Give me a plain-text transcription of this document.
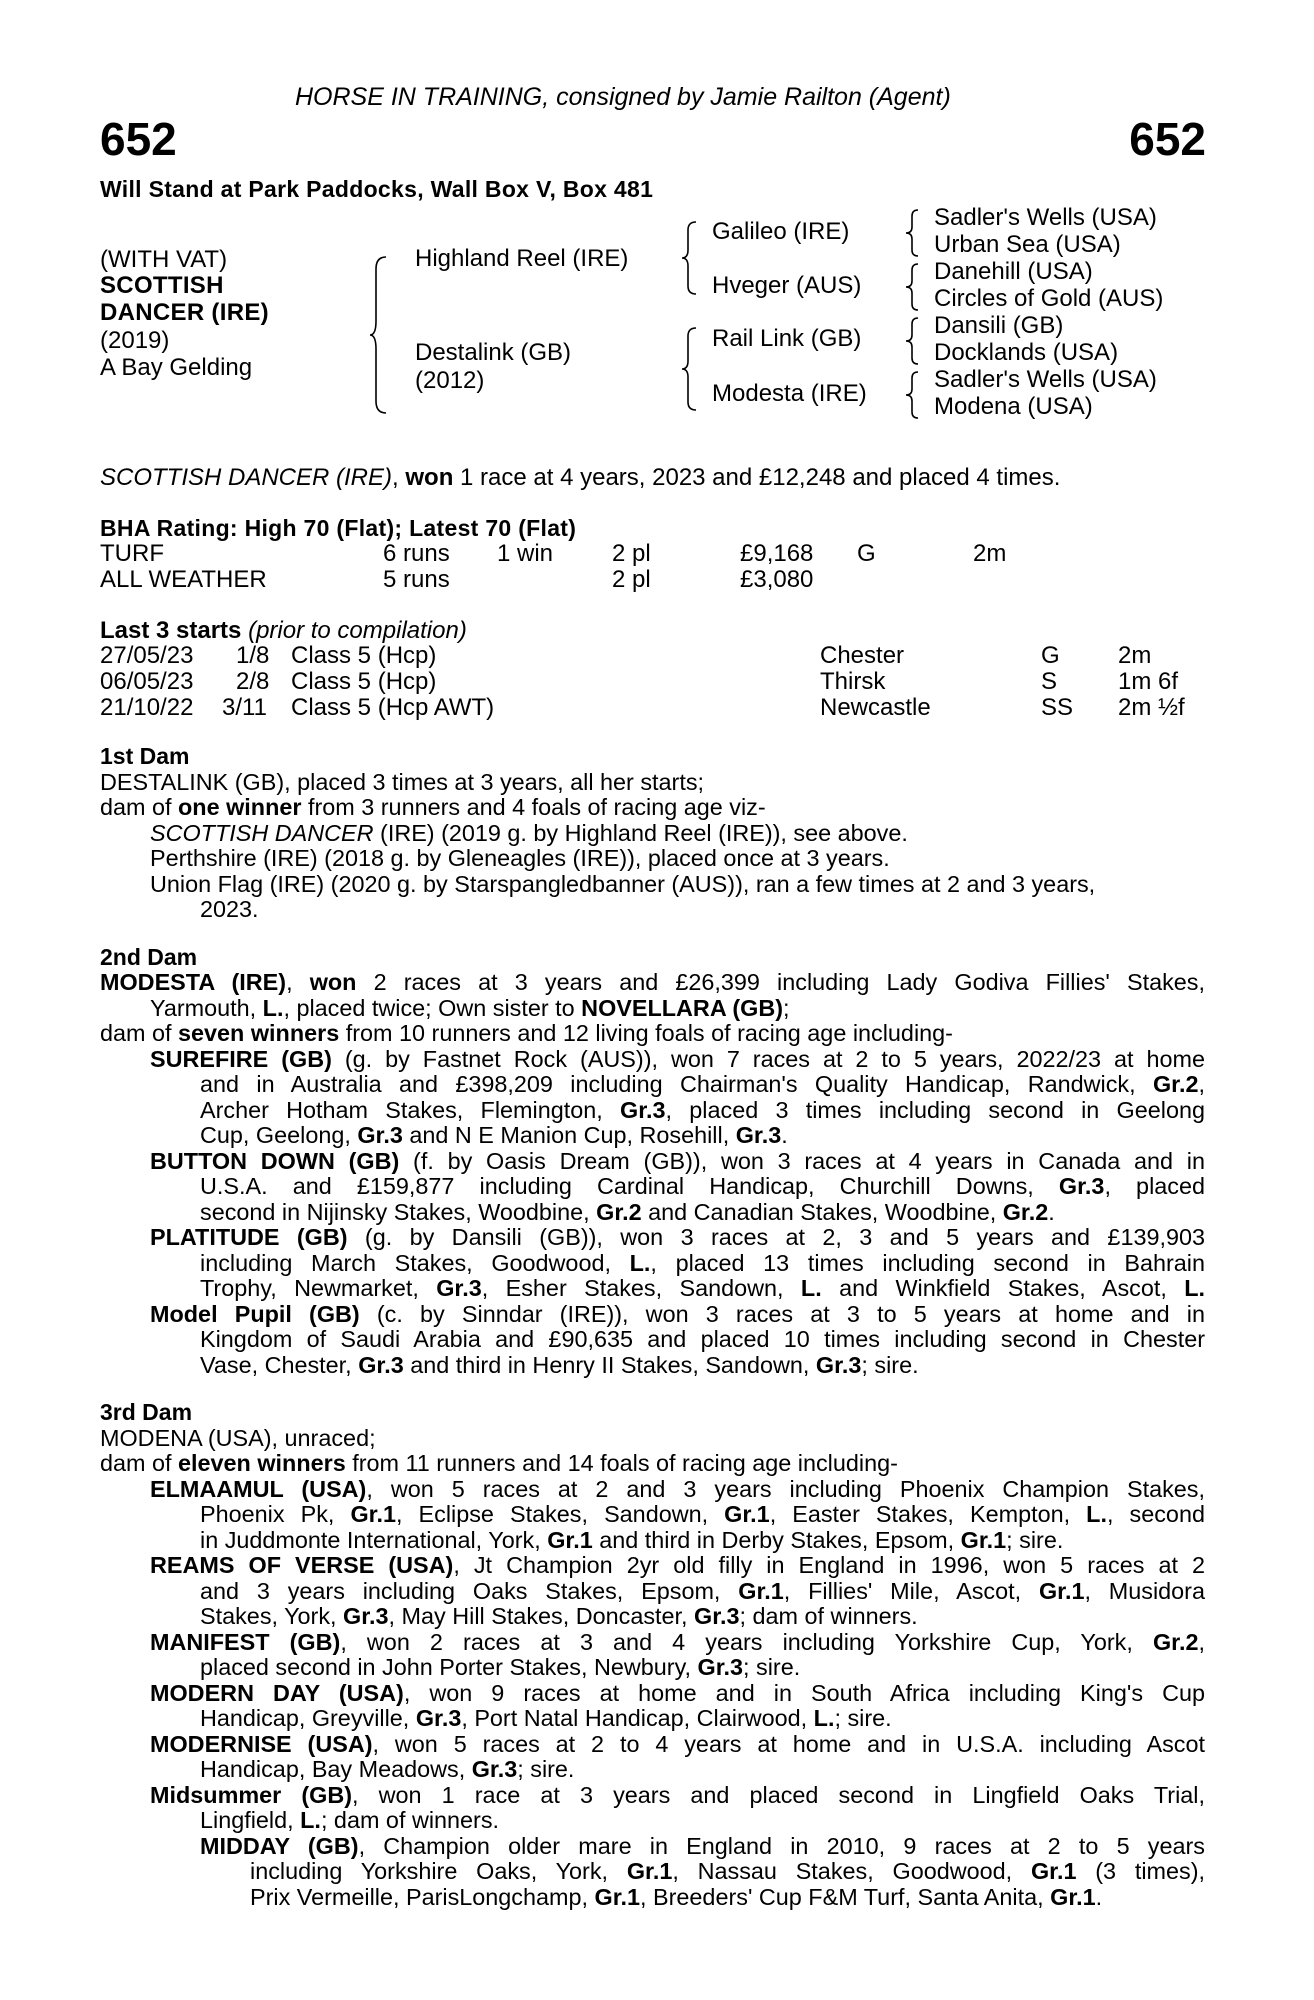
HORSE IN TRAINING, consigned by Jamie Railton (Agent)
652	652
Will Stand at Park Paddocks, Wall Box V, Box 481
(WITH VAT)
SCOTTISH
DANCER (IRE)
(2019)
A Bay Gelding
Highland Reel (IRE)
Destalink (GB)
(2012)
Galileo (IRE)
Hveger (AUS)
Rail Link (GB)
Modesta (IRE)
Sadler's Wells (USA)
Urban Sea (USA)
Danehill (USA)
Circles of Gold (AUS)
Dansili (GB)
Docklands (USA)
Sadler's Wells (USA)
Modena (USA)
SCOTTISH DANCER (IRE), won 1 race at 4 years, 2023 and £12,248 and placed 4 times.
BHA Rating: High 70 (Flat); Latest 70 (Flat)
TURF	6 runs 1 win 2 pl	£9,168 G	2m
ALL WEATHER	5 runs	2 pl	£3,080
Last 3 starts (prior to compilation)
27/05/23 1/8 Class 5 (Hcp)	Chester	G 2m
06/05/23 2/8 Class 5 (Hcp)	Thirsk	S	1m 6f
21/10/22 3/11 Class 5 (Hcp AWT)	Newcastle	SS 2m ½f
1st Dam
DESTALINK (GB), placed 3 times at 3 years, all her starts;
dam of one winner from 3 runners and 4 foals of racing age viz-
SCOTTISH DANCER (IRE) (2019 g. by Highland Reel (IRE)), see above.
Perthshire (IRE) (2018 g. by Gleneagles (IRE)), placed once at 3 years.
Union Flag (IRE) (2020 g. by Starspangledbanner (AUS)), ran a few times at 2 and 3 years,
2023.
2nd Dam
MODESTA (IRE), won 2 races at 3 years and £26,399 including Lady Godiva Fillies' Stakes,
Yarmouth, L., placed twice; Own sister to NOVELLARA (GB);
dam of seven winners from 10 runners and 12 living foals of racing age including-
SUREFIRE (GB) (g. by Fastnet Rock (AUS)), won 7 races at 2 to 5 years, 2022/23 at home
and in Australia and £398,209 including Chairman's Quality Handicap, Randwick, Gr.2,
Archer Hotham Stakes, Flemington, Gr.3, placed 3 times including second in Geelong
Cup, Geelong, Gr.3 and N E Manion Cup, Rosehill, Gr.3.
BUTTON DOWN (GB) (f. by Oasis Dream (GB)), won 3 races at 4 years in Canada and in
U.S.A. and £159,877 including Cardinal Handicap, Churchill Downs, Gr.3, placed
second in Nijinsky Stakes, Woodbine, Gr.2 and Canadian Stakes, Woodbine, Gr.2.
PLATITUDE (GB) (g. by Dansili (GB)), won 3 races at 2, 3 and 5 years and £139,903
including March Stakes, Goodwood, L., placed 13 times including second in Bahrain
Trophy, Newmarket, Gr.3, Esher Stakes, Sandown, L. and Winkfield Stakes, Ascot, L.
Model Pupil (GB) (c. by Sinndar (IRE)), won 3 races at 3 to 5 years at home and in
Kingdom of Saudi Arabia and £90,635 and placed 10 times including second in Chester
Vase, Chester, Gr.3 and third in Henry II Stakes, Sandown, Gr.3; sire.
3rd Dam
MODENA (USA), unraced;
dam of eleven winners from 11 runners and 14 foals of racing age including-
ELMAAMUL (USA), won 5 races at 2 and 3 years including Phoenix Champion Stakes,
Phoenix Pk, Gr.1, Eclipse Stakes, Sandown, Gr.1, Easter Stakes, Kempton, L., second
in Juddmonte International, York, Gr.1 and third in Derby Stakes, Epsom, Gr.1; sire.
REAMS OF VERSE (USA), Jt Champion 2yr old filly in England in 1996, won 5 races at 2
and 3 years including Oaks Stakes, Epsom, Gr.1, Fillies' Mile, Ascot, Gr.1, Musidora
Stakes, York, Gr.3, May Hill Stakes, Doncaster, Gr.3; dam of winners.
MANIFEST (GB), won 2 races at 3 and 4 years including Yorkshire Cup, York, Gr.2,
placed second in John Porter Stakes, Newbury, Gr.3; sire.
MODERN DAY (USA), won 9 races at home and in South Africa including King's Cup
Handicap, Greyville, Gr.3, Port Natal Handicap, Clairwood, L.; sire.
MODERNISE (USA), won 5 races at 2 to 4 years at home and in U.S.A. including Ascot
Handicap, Bay Meadows, Gr.3; sire.
Midsummer (GB), won 1 race at 3 years and placed second in Lingfield Oaks Trial,
Lingfield, L.; dam of winners.
MIDDAY (GB), Champion older mare in England in 2010, 9 races at 2 to 5 years
including Yorkshire Oaks, York, Gr.1, Nassau Stakes, Goodwood, Gr.1 (3 times),
Prix Vermeille, ParisLongchamp, Gr.1, Breeders' Cup F&M Turf, Santa Anita, Gr.1.
